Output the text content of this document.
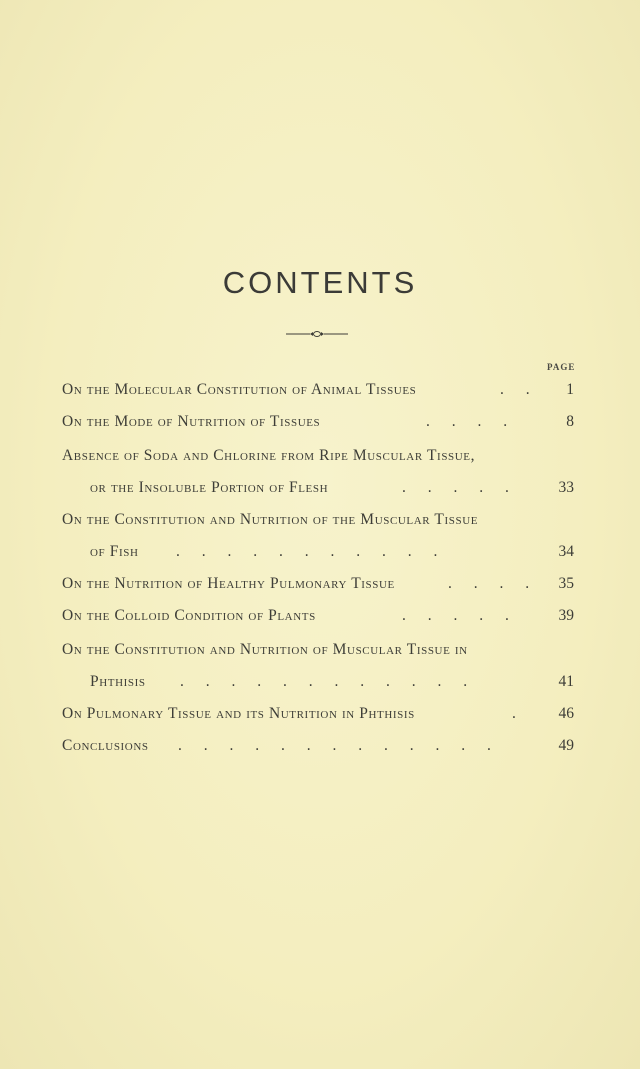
CONTENTS
PAGE
On the Molecular Constitution of Animal Tissues	. . 1
On the Mode of Nutrition of Tissues	. . . .	8
Absence of Soda and Chlorine from Ripe Muscular Tissue,
or the Insoluble Portion of Flesh	. . . . .	33
On the Constitution and Nutrition of the Muscular Tissue
of Fish . . . . . . . . . . .	34
On the Nutrition of Healthy Pulmonary Tissue	. . . . 35
On the Colloid Condition of Plants	. . . . .	39
On the Constitution and Nutrition of Muscular Tissue in
Phthisis . . . . . . . . . . . .	41
On Pulmonary Tissue and its Nutrition in Phthisis	. 46
Conclusions . . . . . . . . . . . . .	49
